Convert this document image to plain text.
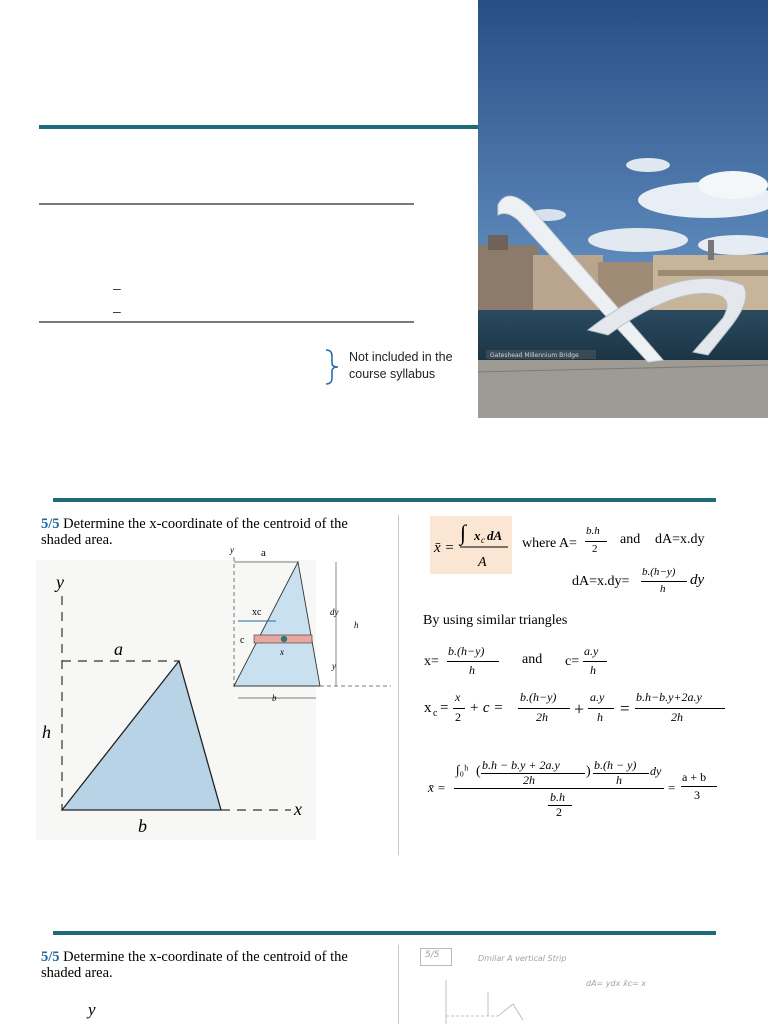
–
–
Not included in the
course syllabus
Gateshead Millennium Bridge
5/5 Determine the x-coordinate of the centroid of the
shaded area.
y
a
h
b
x
y a
xc	dy
c
x
h
y
b
x̄ =
∫ x c dA
A
where A=
b.h
2
and dA=x.dy
dA=x.dy=
b.(h−y)
h
dy
By using similar triangles
x=
b.(h−y)
h
and c=
a.y
h
x c =
x
2
+ c =
b.(h−y)
2h +
a.y
h =
b.h−b.y+2a.y
2h
x̄ =
∫₀ʰ ( b.h − b.y + 2a.y
2h
) b.(h − y)
h
dy
b.h
2
=
a + b
3
5/5 Determine the x-coordinate of the centroid of the
shaded area.
y
5/5	Dmilar A vertical Strip
dA= ydx x̄c= x
